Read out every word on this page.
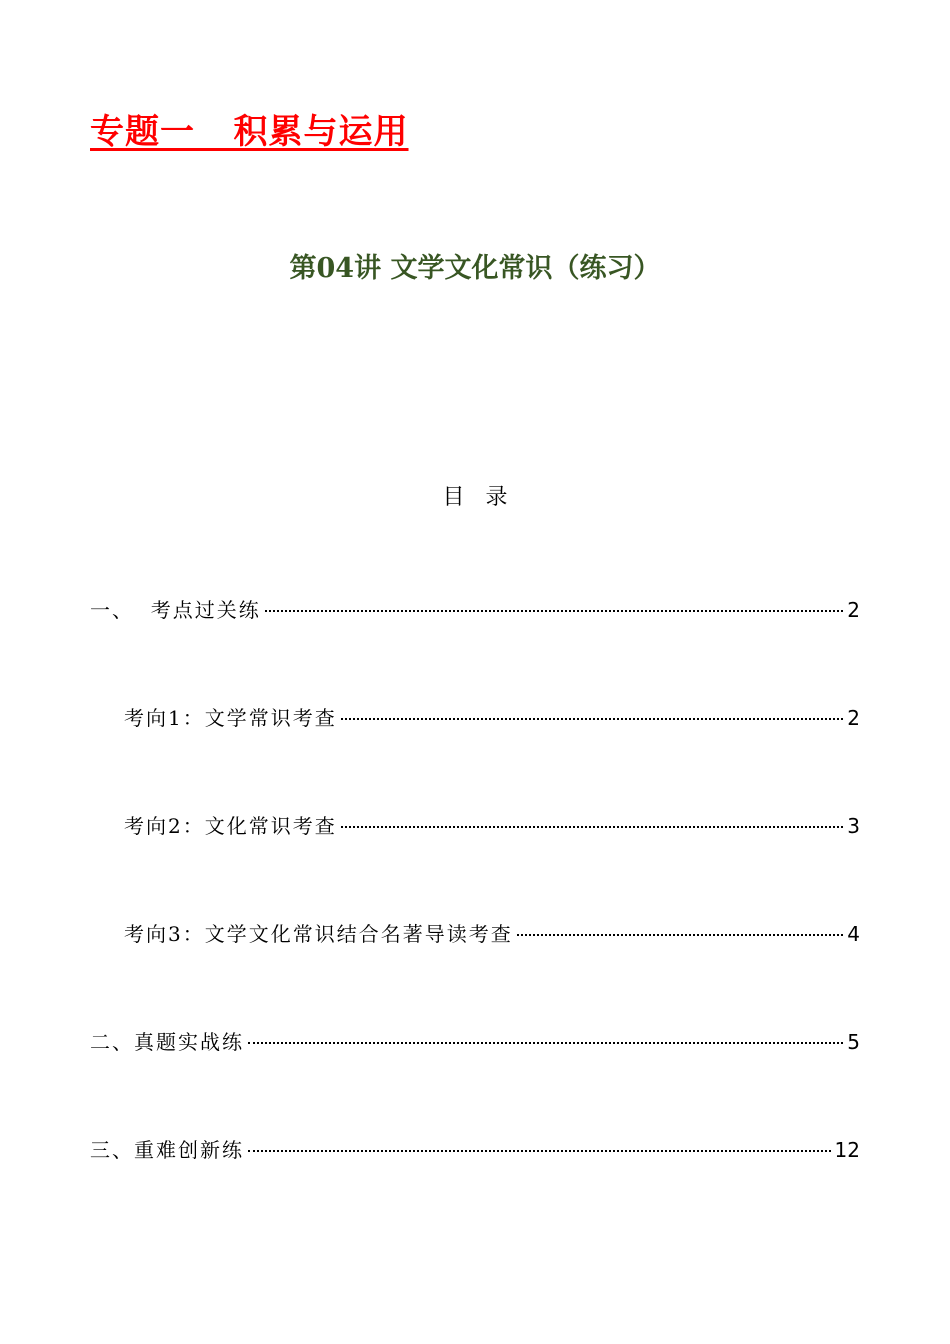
专题一   积累与运用
第04讲 文学文化常识（练习）
目   录
一、  考点过关练	2
考向1：文学常识考查	2
考向2：文化常识考查	3
考向3：文学文化常识结合名著导读考查	4
二、真题实战练	5
三、重难创新练	12
